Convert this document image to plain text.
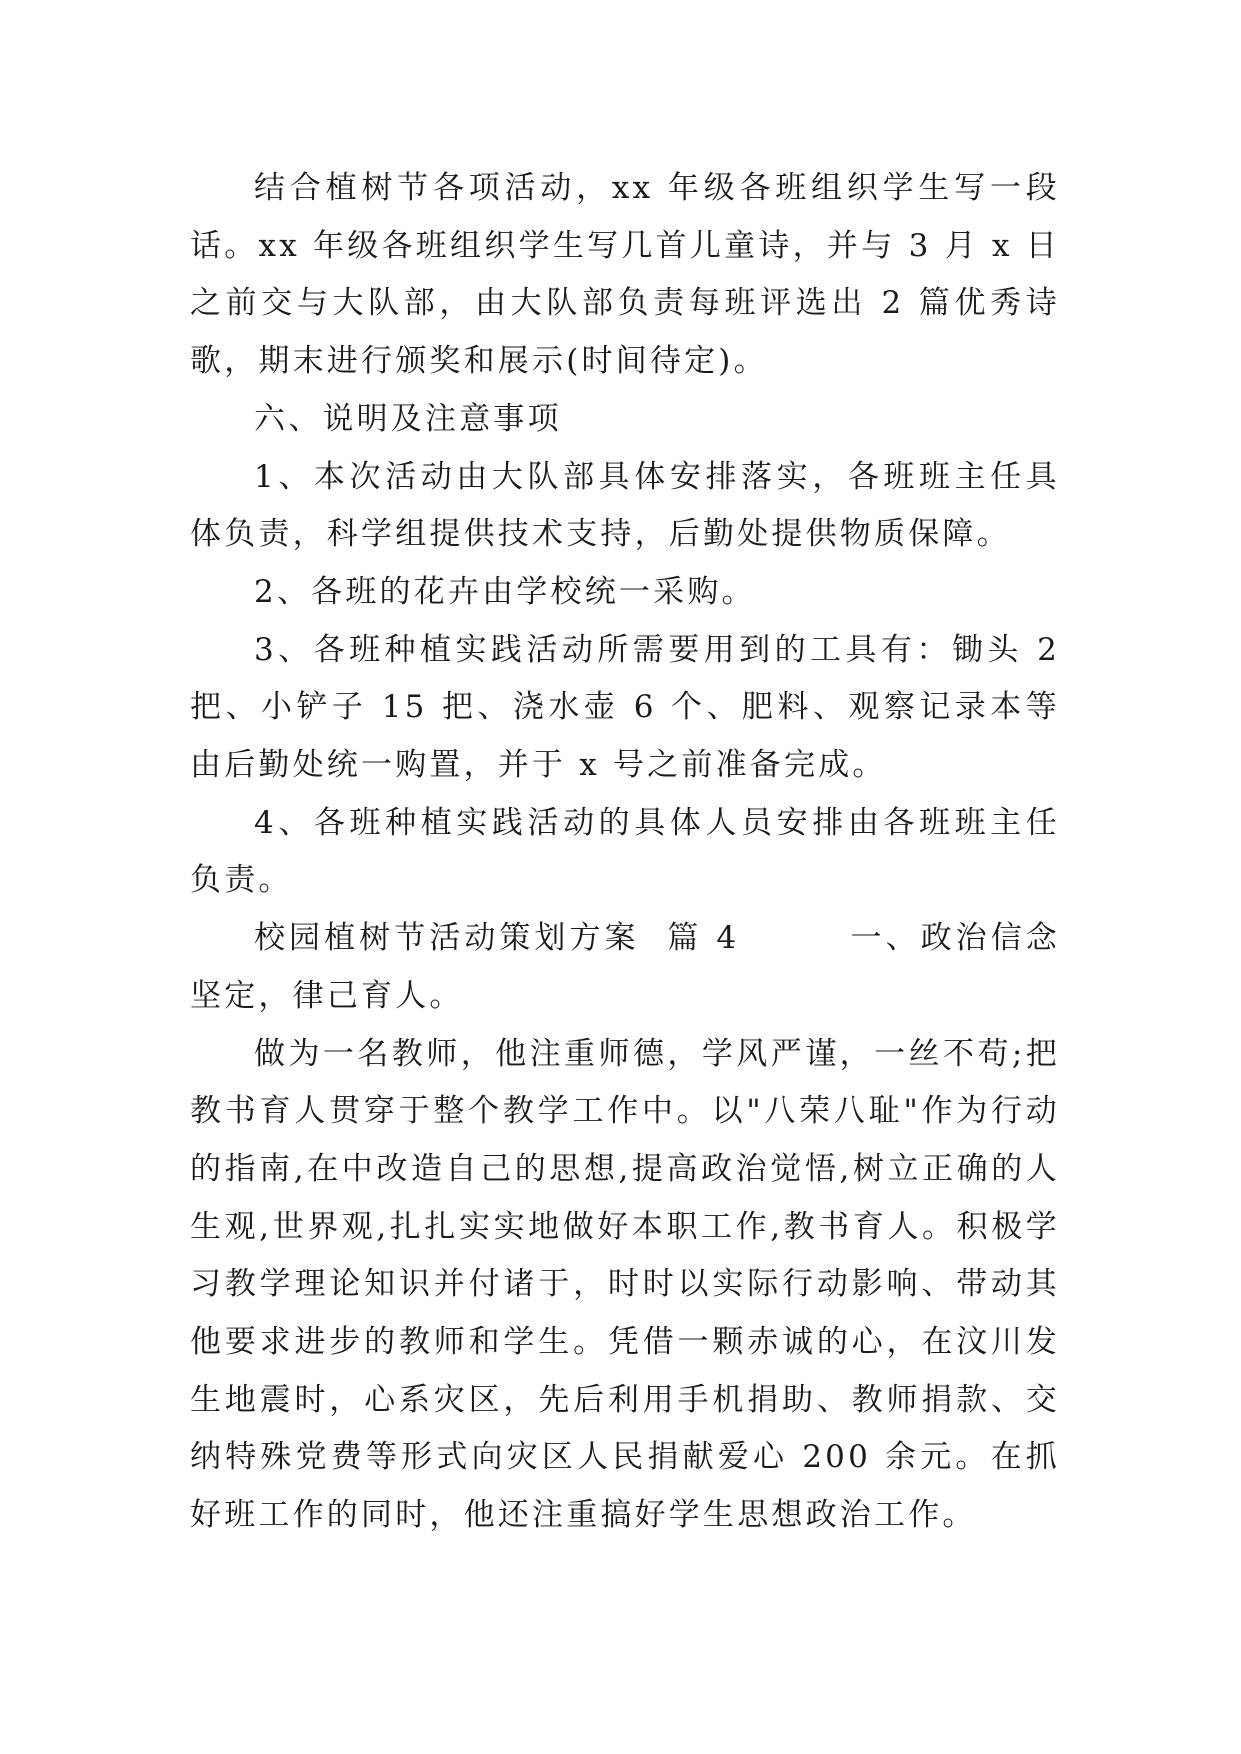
结合植树节各项活动，xx 年级各班组织学生写一段话。xx 年级各班组织学生写几首儿童诗，并与 3 月 x 日之前交与大队部，由大队部负责每班评选出 2 篇优秀诗歌，期末进行颁奖和展示(时间待定)。

六、说明及注意事项

1、本次活动由大队部具体安排落实，各班班主任具体负责，科学组提供技术支持，后勤处提供物质保障。

2、各班的花卉由学校统一采购。

3、各班种植实践活动所需要用到的工具有：锄头 2 把、小铲子 15 把、浇水壶 6 个、肥料、观察记录本等由后勤处统一购置，并于 x 号之前准备完成。

4、各班种植实践活动的具体人员安排由各班班主任负责。

校园植树节活动策划方案  篇 4        一、政治信念坚定，律己育人。

做为一名教师，他注重师德，学风严谨，一丝不苟;把教书育人贯穿于整个教学工作中。以"八荣八耻"作为行动的指南,在中改造自己的思想,提高政治觉悟,树立正确的人生观,世界观,扎扎实实地做好本职工作,教书育人。积极学习教学理论知识并付诸于，时时以实际行动影响、带动其他要求进步的教师和学生。凭借一颗赤诚的心，在汶川发生地震时，心系灾区，先后利用手机捐助、教师捐款、交纳特殊党费等形式向灾区人民捐献爱心 200 余元。在抓好班工作的同时，他还注重搞好学生思想政治工作。
